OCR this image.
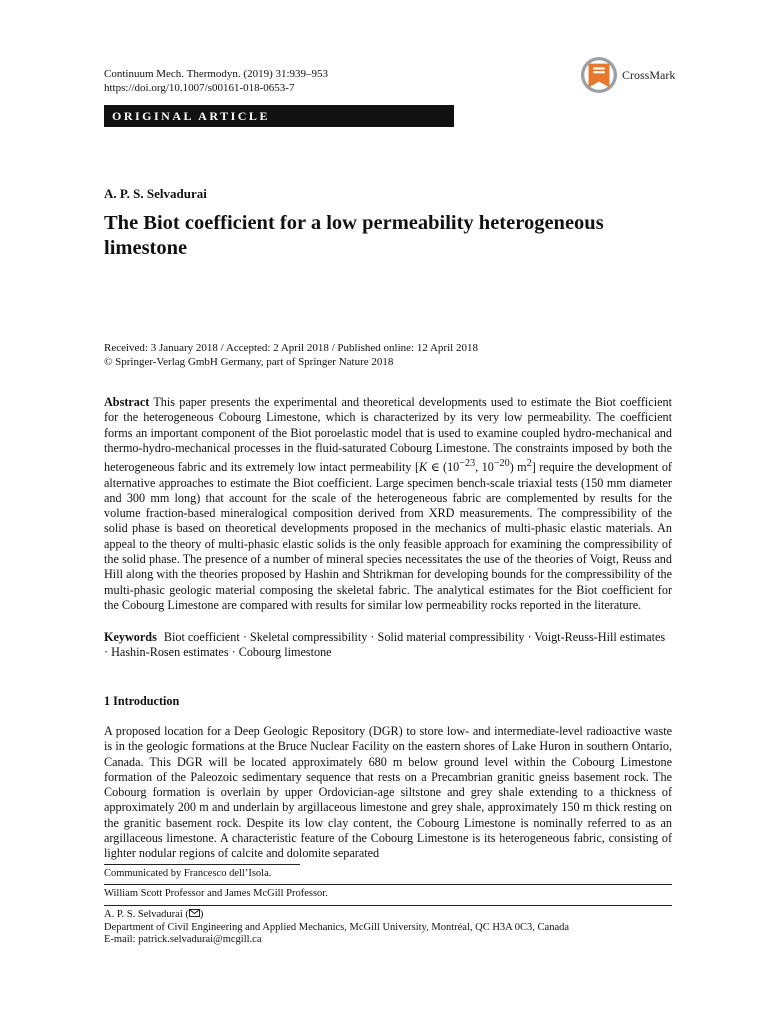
Continuum Mech. Thermodyn. (2019) 31:939–953
https://doi.org/10.1007/s00161-018-0653-7
CrossMark
ORIGINAL ARTICLE
A. P. S. Selvadurai
The Biot coefficient for a low permeability heterogeneous limestone
Received: 3 January 2018 / Accepted: 2 April 2018 / Published online: 12 April 2018
© Springer-Verlag GmbH Germany, part of Springer Nature 2018

Abstract This paper presents the experimental and theoretical developments used to estimate the Biot coefficient for the heterogeneous Cobourg Limestone, which is characterized by its very low permeability. The coefficient forms an important component of the Biot poroelastic model that is used to examine coupled hydro-mechanical and thermo-hydro-mechanical processes in the fluid-saturated Cobourg Limestone. The constraints imposed by both the heterogeneous fabric and its extremely low intact permeability [K ∈ ($10^{-23}$, $10^{-20}$) $m^2$] require the development of alternative approaches to estimate the Biot coefficient. Large specimen bench-scale triaxial tests (150 mm diameter and 300 mm long) that account for the scale of the heterogeneous fabric are complemented by results for the volume fraction-based mineralogical composition derived from XRD measurements. The compressibility of the solid phase is based on theoretical developments proposed in the mechanics of multi-phasic elastic materials. An appeal to the theory of multi-phasic elastic solids is the only feasible approach for examining the compressibility of the solid phase. The presence of a number of mineral species necessitates the use of the theories of Voigt, Reuss and Hill along with the theories proposed by Hashin and Shtrikman for developing bounds for the compressibility of the multi-phasic geologic material composing the skeletal fabric. The analytical estimates for the Biot coefficient for the Cobourg Limestone are compared with results for similar low permeability rocks reported in the literature.

Keywords Biot coefficient · Skeletal compressibility · Solid material compressibility · Voigt-Reuss-Hill estimates · Hashin-Rosen estimates · Cobourg limestone

1 Introduction

A proposed location for a Deep Geologic Repository (DGR) to store low- and intermediate-level radioactive waste is in the geologic formations at the Bruce Nuclear Facility on the eastern shores of Lake Huron in southern Ontario, Canada. This DGR will be located approximately 680 m below ground level within the Cobourg Limestone formation of the Paleozoic sedimentary sequence that rests on a Precambrian granitic gneiss basement rock. The Cobourg formation is overlain by upper Ordovician-age siltstone and grey shale extending to a thickness of approximately 200 m and underlain by argillaceous limestone and grey shale, approximately 150 m thick resting on the granitic basement rock. Despite its low clay content, the Cobourg Limestone is nominally referred to as an argillaceous limestone. A characteristic feature of the Cobourg Limestone is its heterogeneous fabric, consisting of lighter nodular regions of calcite and dolomite separated

Communicated by Francesco dell’Isola.
William Scott Professor and James McGill Professor.
A. P. S. Selvadurai ( )
Department of Civil Engineering and Applied Mechanics, McGill University, Montréal, QC H3A 0C3, Canada
E-mail: patrick.selvadurai@mcgill.ca
